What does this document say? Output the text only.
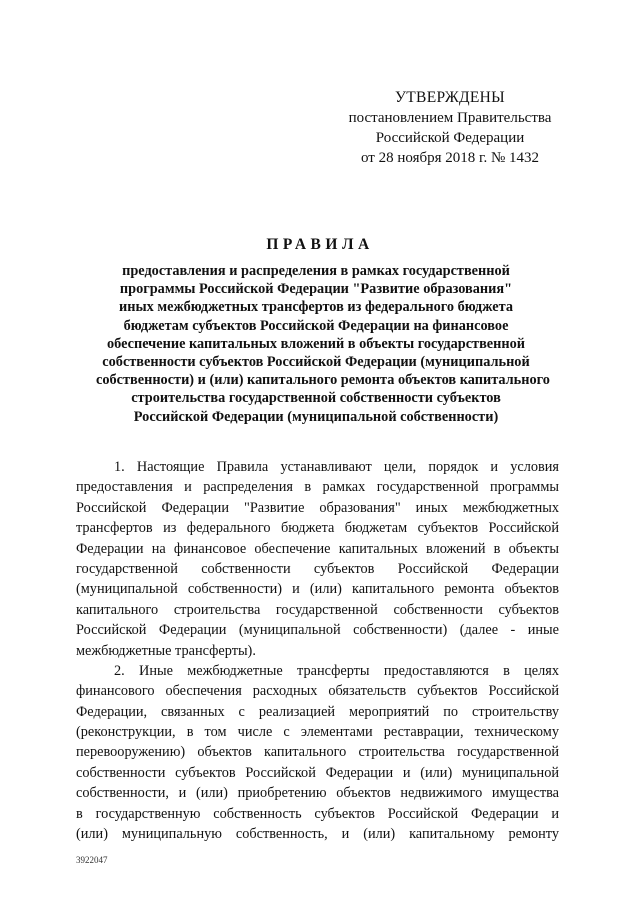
УТВЕРЖДЕНЫ
постановлением Правительства
Российской Федерации
от 28 ноября 2018 г. № 1432
ПРАВИЛА
предоставления и распределения в рамках государственной
программы Российской Федерации "Развитие образования"
иных межбюджетных трансфертов из федерального бюджета
бюджетам субъектов Российской Федерации на финансовое
обеспечение капитальных вложений в объекты государственной
собственности субъектов Российской Федерации (муниципальной
собственности) и (или) капитального ремонта объектов капитального
строительства государственной собственности субъектов
Российской Федерации (муниципальной собственности)
1. Настоящие Правила устанавливают цели, порядок и условия
предоставления и распределения в рамках государственной программы
Российской Федерации "Развитие образования" иных межбюджетных
трансфертов из федерального бюджета бюджетам субъектов Российской
Федерации на финансовое обеспечение капитальных вложений в объекты
государственной собственности субъектов Российской Федерации
(муниципальной собственности) и (или) капитального ремонта объектов
капитального строительства государственной собственности субъектов
Российской Федерации (муниципальной собственности) (далее - иные
межбюджетные трансферты).
2. Иные межбюджетные трансферты предоставляются в целях
финансового обеспечения расходных обязательств субъектов Российской
Федерации, связанных с реализацией мероприятий по строительству
(реконструкции, в том числе с элементами реставрации, техническому
перевооружению) объектов капитального строительства государственной
собственности субъектов Российской Федерации и (или) муниципальной
собственности, и (или) приобретению объектов недвижимого имущества
в государственную собственность субъектов Российской Федерации и
(или) муниципальную собственность, и (или) капитальному ремонту
3922047
